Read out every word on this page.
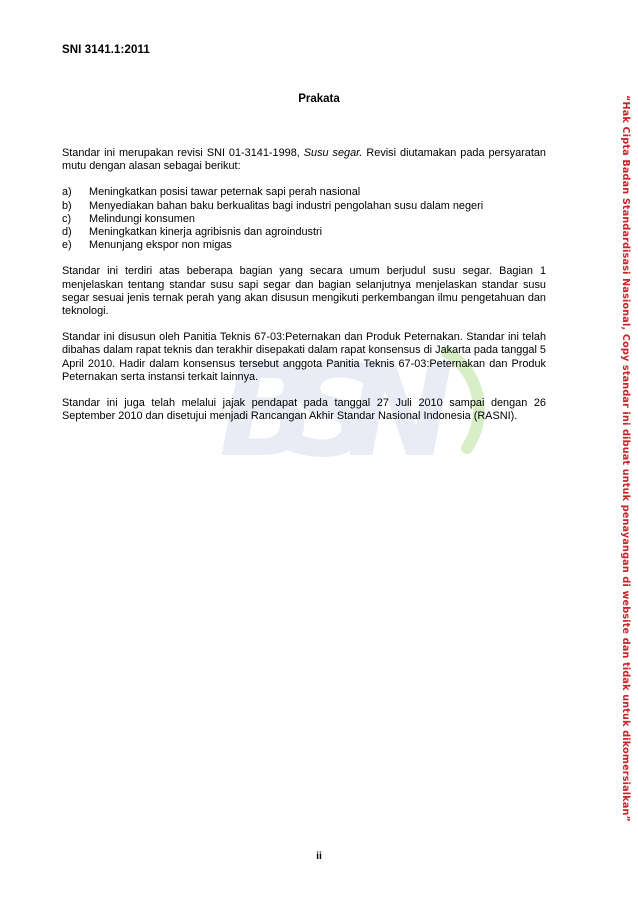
SNI 3141.1:2011
BSN
Prakata

Standar ini merupakan revisi SNI 01-3141-1998, Susu segar. Revisi diutamakan pada persyaratan mutu dengan alasan sebagai berikut:

a)	Meningkatkan posisi tawar peternak sapi perah nasional
b)	Menyediakan bahan baku berkualitas bagi industri pengolahan susu dalam negeri
c)	Melindungi konsumen
d)	Meningkatkan kinerja agribisnis dan agroindustri
e)	Menunjang ekspor non migas

Standar ini terdiri atas beberapa bagian yang secara umum berjudul susu segar. Bagian 1 menjelaskan tentang standar susu sapi segar dan bagian selanjutnya menjelaskan standar susu segar sesuai jenis ternak perah yang akan disusun mengikuti perkembangan ilmu pengetahuan dan teknologi.

Standar ini disusun oleh Panitia Teknis 67-03:Peternakan dan Produk Peternakan. Standar ini telah dibahas dalam rapat teknis dan terakhir disepakati dalam rapat konsensus di Jakarta pada tanggal 5 April 2010. Hadir dalam konsensus tersebut anggota Panitia Teknis 67-03:Peternakan dan Produk Peternakan serta instansi terkait lainnya.

Standar ini juga telah melalui jajak pendapat pada tanggal 27 Juli 2010 sampai dengan 26 September 2010 dan disetujui menjadi Rancangan Akhir Standar Nasional Indonesia (RASNI).	“Hak Cipta Badan Standardisasi Nasional, Copy standar ini dibuat untuk penayangan di website dan tidak untuk dikomersialkan”
ii
